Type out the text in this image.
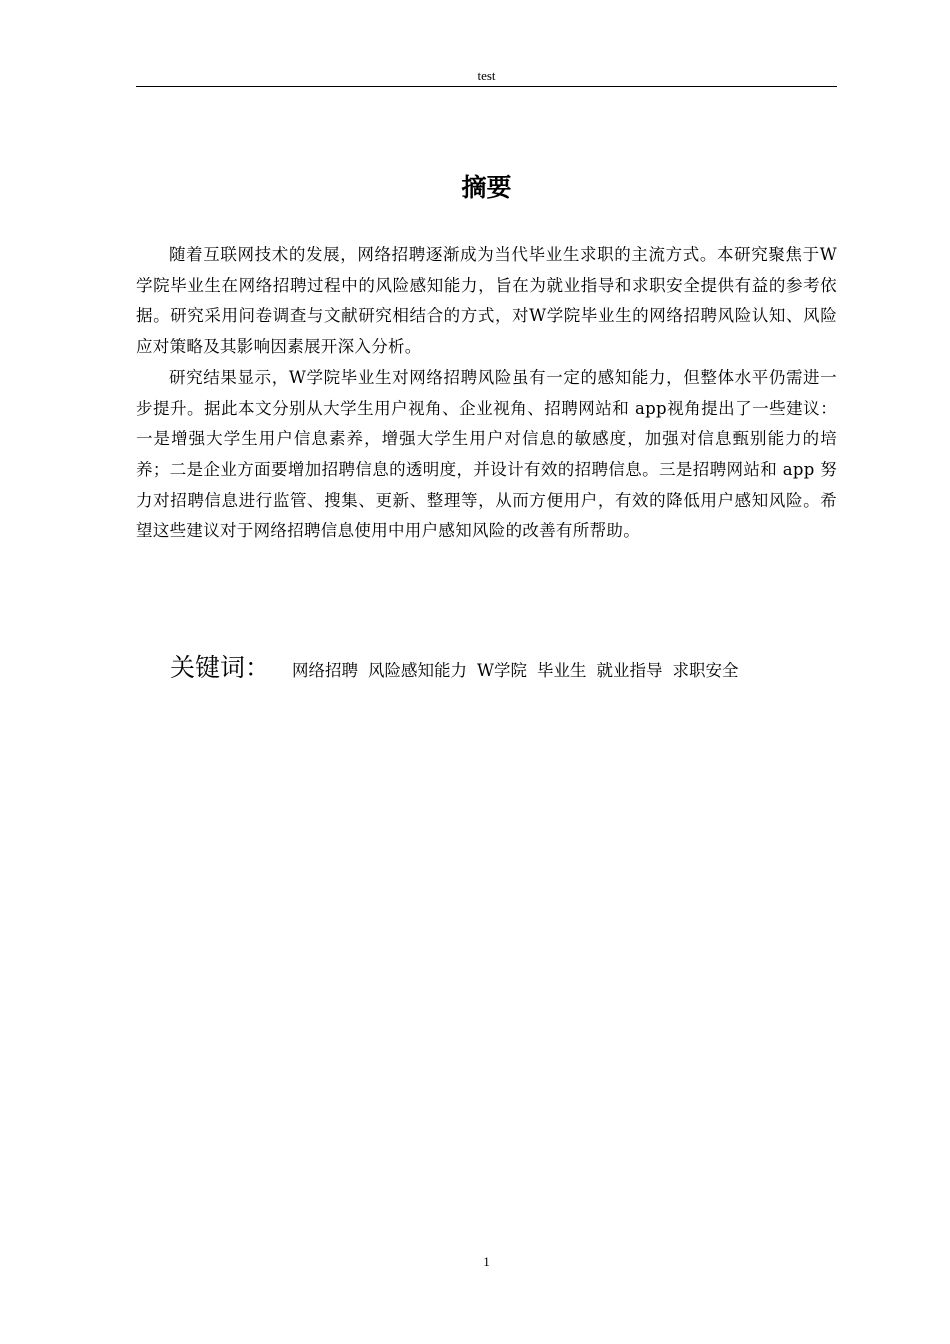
test
摘要

随着互联网技术的发展，网络招聘逐渐成为当代毕业生求职的主流方式。本研究聚焦于W学院毕业生在网络招聘过程中的风险感知能力，旨在为就业指导和求职安全提供有益的参考依据。研究采用问卷调查与文献研究相结合的方式，对W学院毕业生的网络招聘风险认知、风险应对策略及其影响因素展开深入分析。

研究结果显示，W学院毕业生对网络招聘风险虽有一定的感知能力，但整体水平仍需进一步提升。据此本文分别从大学生用户视角、企业视角、招聘网站和 app视角提出了一些建议：一是增强大学生用户信息素养，增强大学生用户对信息的敏感度，加强对信息甄别能力的培养；二是企业方面要增加招聘信息的透明度，并设计有效的招聘信息。三是招聘网站和 app 努力对招聘信息进行监管、搜集、更新、整理等，从而方便用户，有效的降低用户感知风险。希望这些建议对于网络招聘信息使用中用户感知风险的改善有所帮助。

关键词： 网络招聘 风险感知能力 W学院 毕业生 就业指导 求职安全
1
